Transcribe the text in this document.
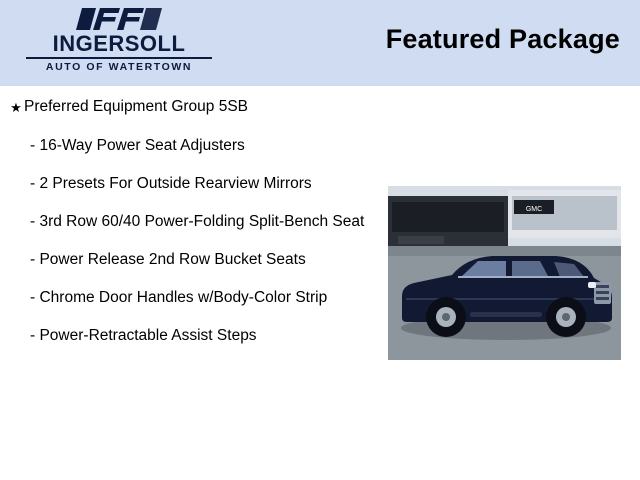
INGERSOLL
AUTO OF WATERTOWN
Featured Package
★ Preferred Equipment Group 5SB
- 16-Way Power Seat Adjusters
- 2 Presets For Outside Rearview Mirrors
- 3rd Row 60/40 Power-Folding Split-Bench Seat
- Power Release 2nd Row Bucket Seats
- Chrome Door Handles w/Body-Color Strip
- Power-Retractable Assist Steps
GMC
